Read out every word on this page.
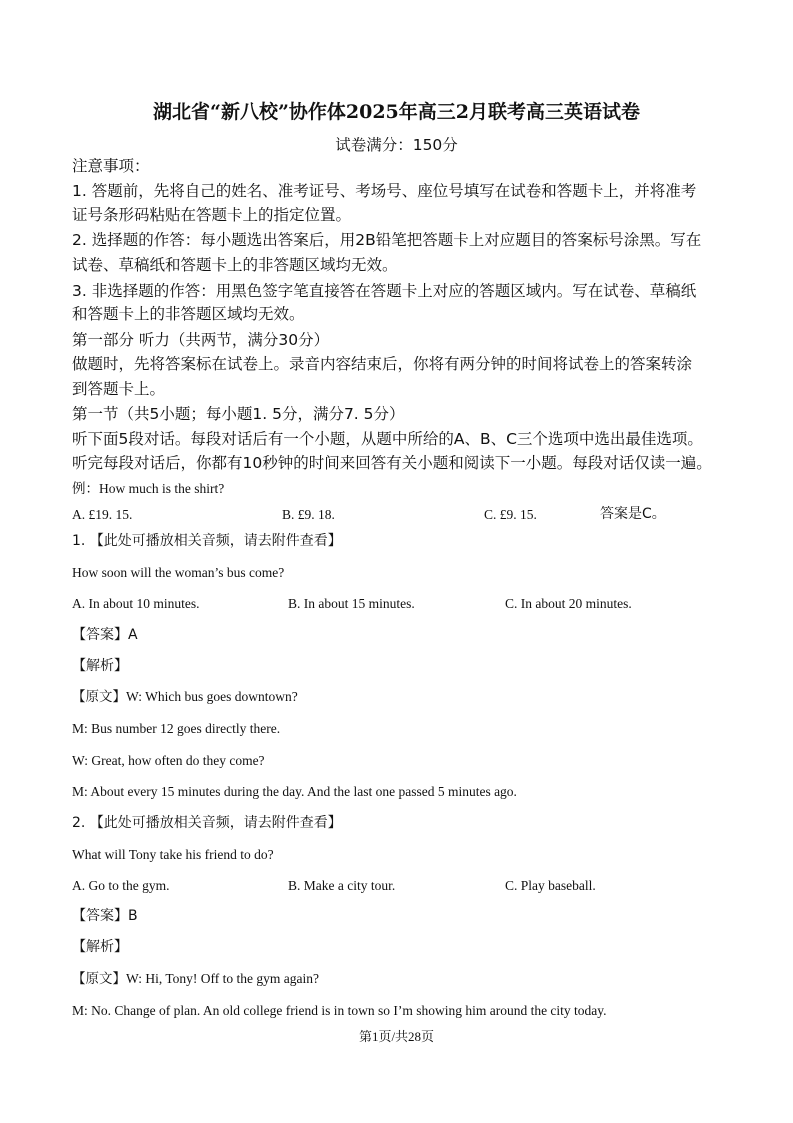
湖北省“新八校”协作体2025年高三2月联考高三英语试卷
试卷满分：150分
注意事项：
1. 答题前，先将自己的姓名、准考证号、考场号、座位号填写在试卷和答题卡上，并将准考
证号条形码粘贴在答题卡上的指定位置。
2. 选择题的作答：每小题选出答案后，用2B铅笔把答题卡上对应题目的答案标号涂黑。写在
试卷、草稿纸和答题卡上的非答题区域均无效。
3. 非选择题的作答：用黑色签字笔直接答在答题卡上对应的答题区域内。写在试卷、草稿纸
和答题卡上的非答题区域均无效。
第一部分 听力（共两节，满分30分）
做题时，先将答案标在试卷上。录音内容结束后，你将有两分钟的时间将试卷上的答案转涂
到答题卡上。
第一节（共5小题；每小题1. 5分，满分7. 5分）
听下面5段对话。每段对话后有一个小题，从题中所给的A、B、C三个选项中选出最佳选项。
听完每段对话后，你都有10秒钟的时间来回答有关小题和阅读下一小题。每段对话仅读一遍。
例：How much is the shirt?
A. £19. 15.	B. £9. 18.	C. £9. 15.	答案是C。
1. 【此处可播放相关音频，请去附件查看】
How soon will the woman’s bus come?
A. In about 10 minutes.	B. In about 15 minutes.	C. In about 20 minutes.
【答案】A
【解析】
【原文】W: Which bus goes downtown?
M: Bus number 12 goes directly there.
W: Great, how often do they come?
M: About every 15 minutes during the day. And the last one passed 5 minutes ago.
2. 【此处可播放相关音频，请去附件查看】
What will Tony take his friend to do?
A. Go to the gym.	B. Make a city tour.	C. Play baseball.
【答案】B
【解析】
【原文】W: Hi, Tony! Off to the gym again?
M: No. Change of plan. An old college friend is in town so I’m showing him around the city today.
第1页/共28页
